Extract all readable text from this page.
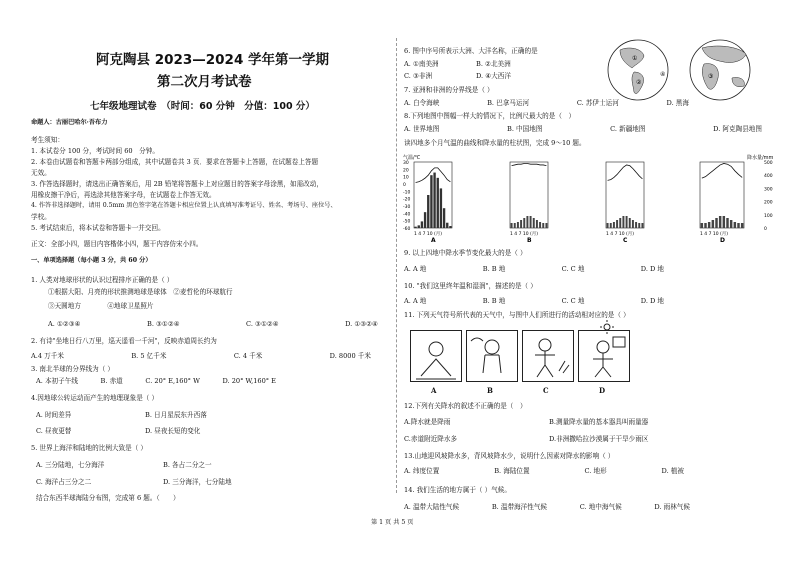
阿克陶县 2023—2024 学年第一学期
第二次月考试卷
七年级地理试卷　（时间：60 分钟　分值：100 分）
命题人：古丽巴哈尔·吾布力
考生须知：
1. 本试卷分 100 分，考试时间 60　分钟。
2. 本卷由试题卷和答题卡两部分组成，其中试题卷共 3 页．要求在答题卡上答题，在试题卷上答题
无效。
3. 作答选择题时，请选出正确答案后，用 2B 铅笔将答题卡上对应题目的答案字母涂黑，如需改动，
用橡皮擦干净后，再选涂其他答案字母，在试题卷上作答无效。
4. 作答非选择题时，请用 0.5mm 黑色签字笔在答题卡相应位置上认真填写准考证号、姓名、考场号、座位号、
学校。
5. 考试结束后，将本试卷和答题卡一并交回。
正文：全部小四，题目内容楷体小四，题干内容仿宋小四。
一、单项选择题（每小题 3 分，共 60 分）
1. 人类对地球形状的认识过程排序正确的是（ ）
①根据大阳、月亮的形状推测地球是球体　②麦哲伦的环球航行
③天圆地方　　　　④地球卫星照片
A. ①②③④	B. ③①②④	C. ③①②④	D. ①③②④
2. 有诗"坐地日行八万里，巡天遥看一千河"，反映赤道周长约为
A.4 万千米	B. 5 亿千米	C. 4 千米	D. 8000 千米
3. 南北半球的分界线为（ ）
A. 本初子午线	B. 赤道	C. 20° E,160° W	D. 20° W,160° E
4.因地球公转运动而产生的地理现象是（ ）
A. 时间差异	B. 日月星辰东升西落
C. 昼夜更替	D. 昼夜长短的变化
5. 世界上海洋和陆地的比例大致是（ ）
A. 三分陆地，七分海洋	B. 各占二分之一
C. 海洋占三分之二	D. 三分海洋，七分陆地
结合东西半球海陆分布图，完成第 6 题。（　　）
6. 图中序号所表示大洲、大洋名称，正确的是
A. ①南美洲	B. ②北美洲
C. ③非洲	D. ④大西洋
①
②
③
④
7. 亚洲和非洲的分界线是（ ）
A. 白令海峡	B. 巴拿马运河	C. 苏伊士运河	D. 黑海
8.下列地图中图幅一样大的情况下，比例尺最大的是（　）
A. 世界地图	B. 中国地图	C. 新疆地图	D. 阿克陶县地图
读四地多个月气温的曲线和降水量的柱状图，完成 9～10 题。
气温/℃	降水量/mm
30
20
10
0
-10
-20
-30
-40
-50
-60
500
400
300
200
100
0
1 4 7 10 (月)
A
1 4 7 10 (月)
B
1 4 7 10 (月)
C
1 4 7 10 (月)
D
9. 以上四地中降水季节变化最大的是（ ）
A. A 地	B. B 地	C. C 地	D. D 地
10. "我们这里终年温和湿润"，描述的是（ ）
A. A 地	B. B 地	C. C 地	D. D 地
11. 下列天气符号所代表的天气中，与图中人们所进行的活动相对应的是（ ）
A	B	C	D
12.下列有关降水的叙述不正确的是（　）
A.降水就是降雨	B.测量降水量的基本器具叫雨量器
C.赤道附近降水多	D.非洲撒哈拉沙漠属于干旱少雨区
13.山地迎风坡降水多，背风坡降水少，说明什么因素对降水的影响（ ）
A. 纬度位置	B. 海陆位置	C. 地形	D. 植被
14. 我们生活的地方属于（ ）气候。
A. 温带大陆性气候	B. 温带海洋性气候	C. 地中海气候	D. 雨林气候
第 1 页 共 5 页
